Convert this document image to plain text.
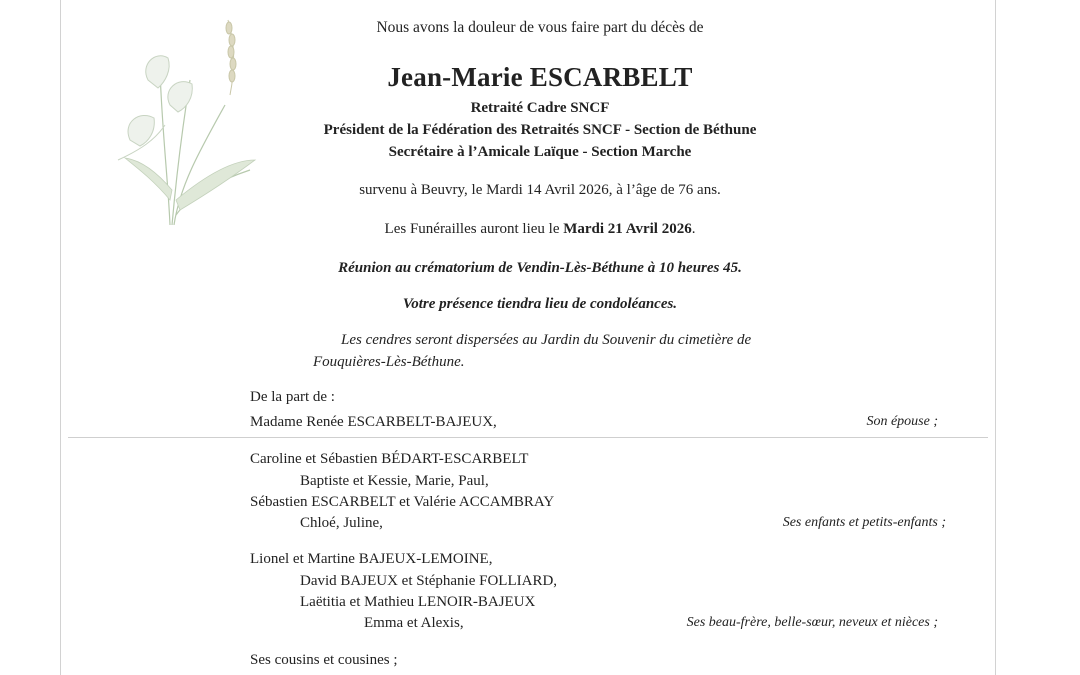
Nous avons la douleur de vous faire part du décès de
Jean-Marie ESCARBELT
Retraité Cadre SNCF
Président de la Fédération des Retraités SNCF - Section de Béthune
Secrétaire à l’Amicale Laïque - Section Marche
survenu à Beuvry, le Mardi 14 Avril 2026, à l’âge de 76 ans.
Les Funérailles auront lieu le Mardi 21 Avril 2026.
Réunion au crématorium de Vendin-Lès-Béthune à 10 heures 45.
Votre présence tiendra lieu de condoléances.
Les cendres seront dispersées au Jardin du Souvenir du cimetière de
Fouquières-Lès-Béthune.
De la part de :
Madame Renée ESCARBELT-BAJEUX,	Son épouse ;
Caroline et Sébastien BÉDART-ESCARBELT
Baptiste et Kessie, Marie, Paul,
Sébastien ESCARBELT et Valérie ACCAMBRAY
Chloé, Juline,	Ses enfants et petits-enfants ;
Lionel et Martine BAJEUX-LEMOINE,
David BAJEUX et Stéphanie FOLLIARD,
Laëtitia et Mathieu LENOIR-BAJEUX
Emma et Alexis,	Ses beau-frère, belle-sœur, neveux et nièces ;
Ses cousins et cousines ;
